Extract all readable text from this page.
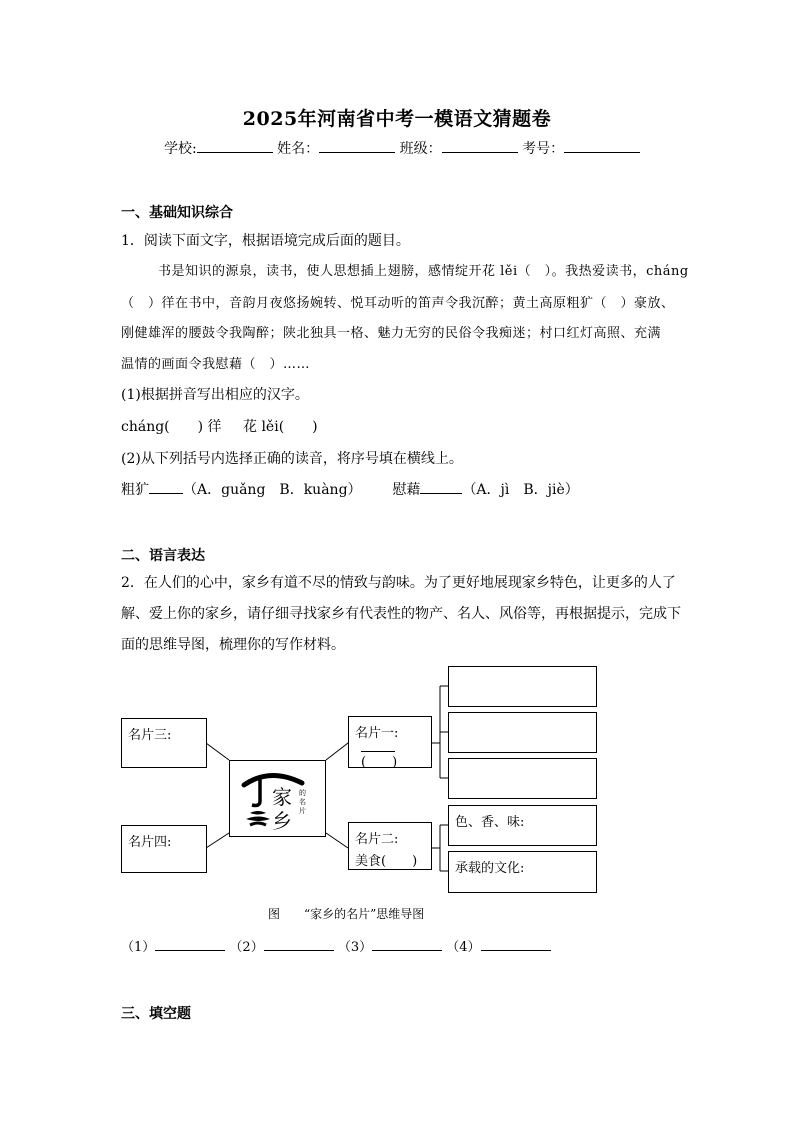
2025年河南省中考一模语文猜题卷
学校:	姓名：	班级：	考号：
一、基础知识综合
1．阅读下面文字，根据语境完成后面的题目。
书是知识的源泉，读书，使人思想插上翅膀，感情绽开花 lěi（　）。我热爱读书，cháng
（　）徉在书中，音韵月夜悠扬婉转、悦耳动听的笛声令我沉醉；黄土高原粗犷（　）豪放、
刚健雄浑的腰鼓令我陶醉；陕北独具一格、魅力无穷的民俗令我痴迷；村口红灯高照、充满
温情的画面令我慰藉（　）……
(1)根据拼音写出相应的汉字。
cháng(　　) 徉 花 lěi(　　)
(2)从下列括号内选择正确的读音，将序号填在横线上。
粗犷 （A．guǎng　B．kuàng） 慰藉	（A．jì　B．jiè）
二、语言表达
2．在人们的心中，家乡有道不尽的情致与韵味。为了更好地展现家乡特色，让更多的人了
解、爱上你的家乡，请仔细寻找家乡有代表性的物产、名人、风俗等，再根据提示，完成下
面的思维导图，梳理你的写作材料。
名片三:
名片四:
家
乡
的名片
名片一:
(　　)
名片二:
美食(　　)
色、香、味:
承载的文化:
图　　“家乡的名片”思维导图
（1）	（2）	（3）	（4）
三、填空题
